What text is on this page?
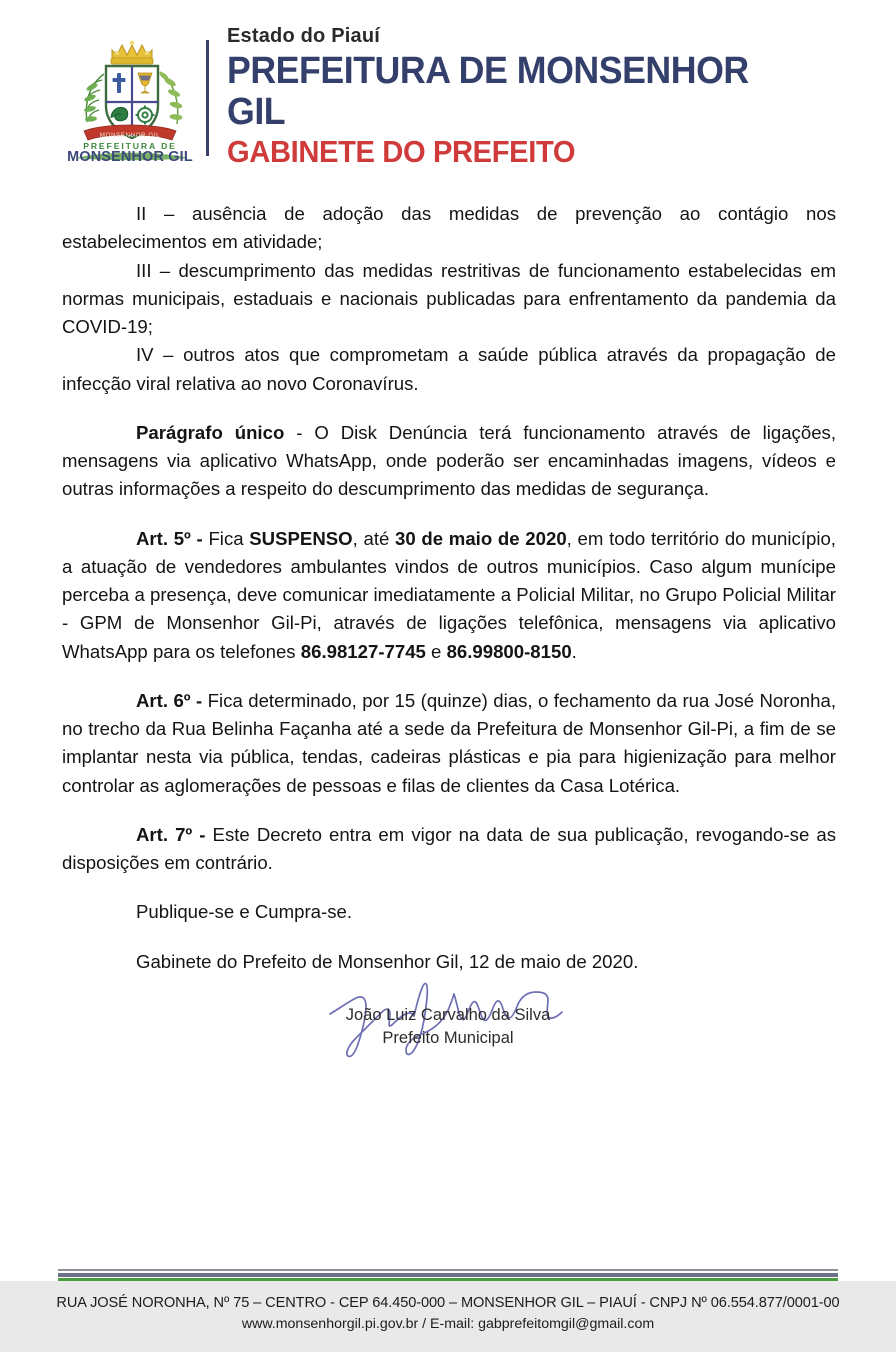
MONSENHOR GIL
PREFEITURA DE
MONSENHOR GIL
Estado do Piauí
PREFEITURA DE MONSENHOR GIL
GABINETE DO PREFEITO

II – ausência de adoção das medidas de prevenção ao contágio nos estabelecimentos em atividade;

III – descumprimento das medidas restritivas de funcionamento estabelecidas em normas municipais, estaduais e nacionais publicadas para enfrentamento da pandemia da COVID-19;

IV – outros atos que comprometam a saúde pública através da propagação de infecção viral relativa ao novo Coronavírus.

Parágrafo único - O Disk Denúncia terá funcionamento através de ligações, mensagens via aplicativo WhatsApp, onde poderão ser encaminhadas imagens, vídeos e outras informações a respeito do descumprimento das medidas de segurança.

Art. 5º - Fica SUSPENSO, até 30 de maio de 2020, em todo território do município, a atuação de vendedores ambulantes vindos de outros municípios. Caso algum munícipe perceba a presença, deve comunicar imediatamente a Policial Militar, no Grupo Policial Militar - GPM de Monsenhor Gil-Pi, através de ligações telefônica, mensagens via aplicativo WhatsApp para os telefones 86.98127-7745 e 86.99800-8150.

Art. 6º - Fica determinado, por 15 (quinze) dias, o fechamento da rua José Noronha, no trecho da Rua Belinha Façanha até a sede da Prefeitura de Monsenhor Gil-Pi, a fim de se implantar nesta via pública, tendas, cadeiras plásticas e pia para higienização para melhor controlar as aglomerações de pessoas e filas de clientes da Casa Lotérica.

Art. 7º - Este Decreto entra em vigor na data de sua publicação, revogando-se as disposições em contrário.

Publique-se e Cumpra-se.

Gabinete do Prefeito de Monsenhor Gil, 12 de maio de 2020.

João Luiz Carvalho da Silva
Prefeito Municipal
RUA JOSÉ NORONHA, Nº 75 – CENTRO - CEP 64.450-000 – MONSENHOR GIL – PIAUÍ - CNPJ Nº 06.554.877/0001-00
www.monsenhorgil.pi.gov.br / E-mail: gabprefeitomgil@gmail.com
